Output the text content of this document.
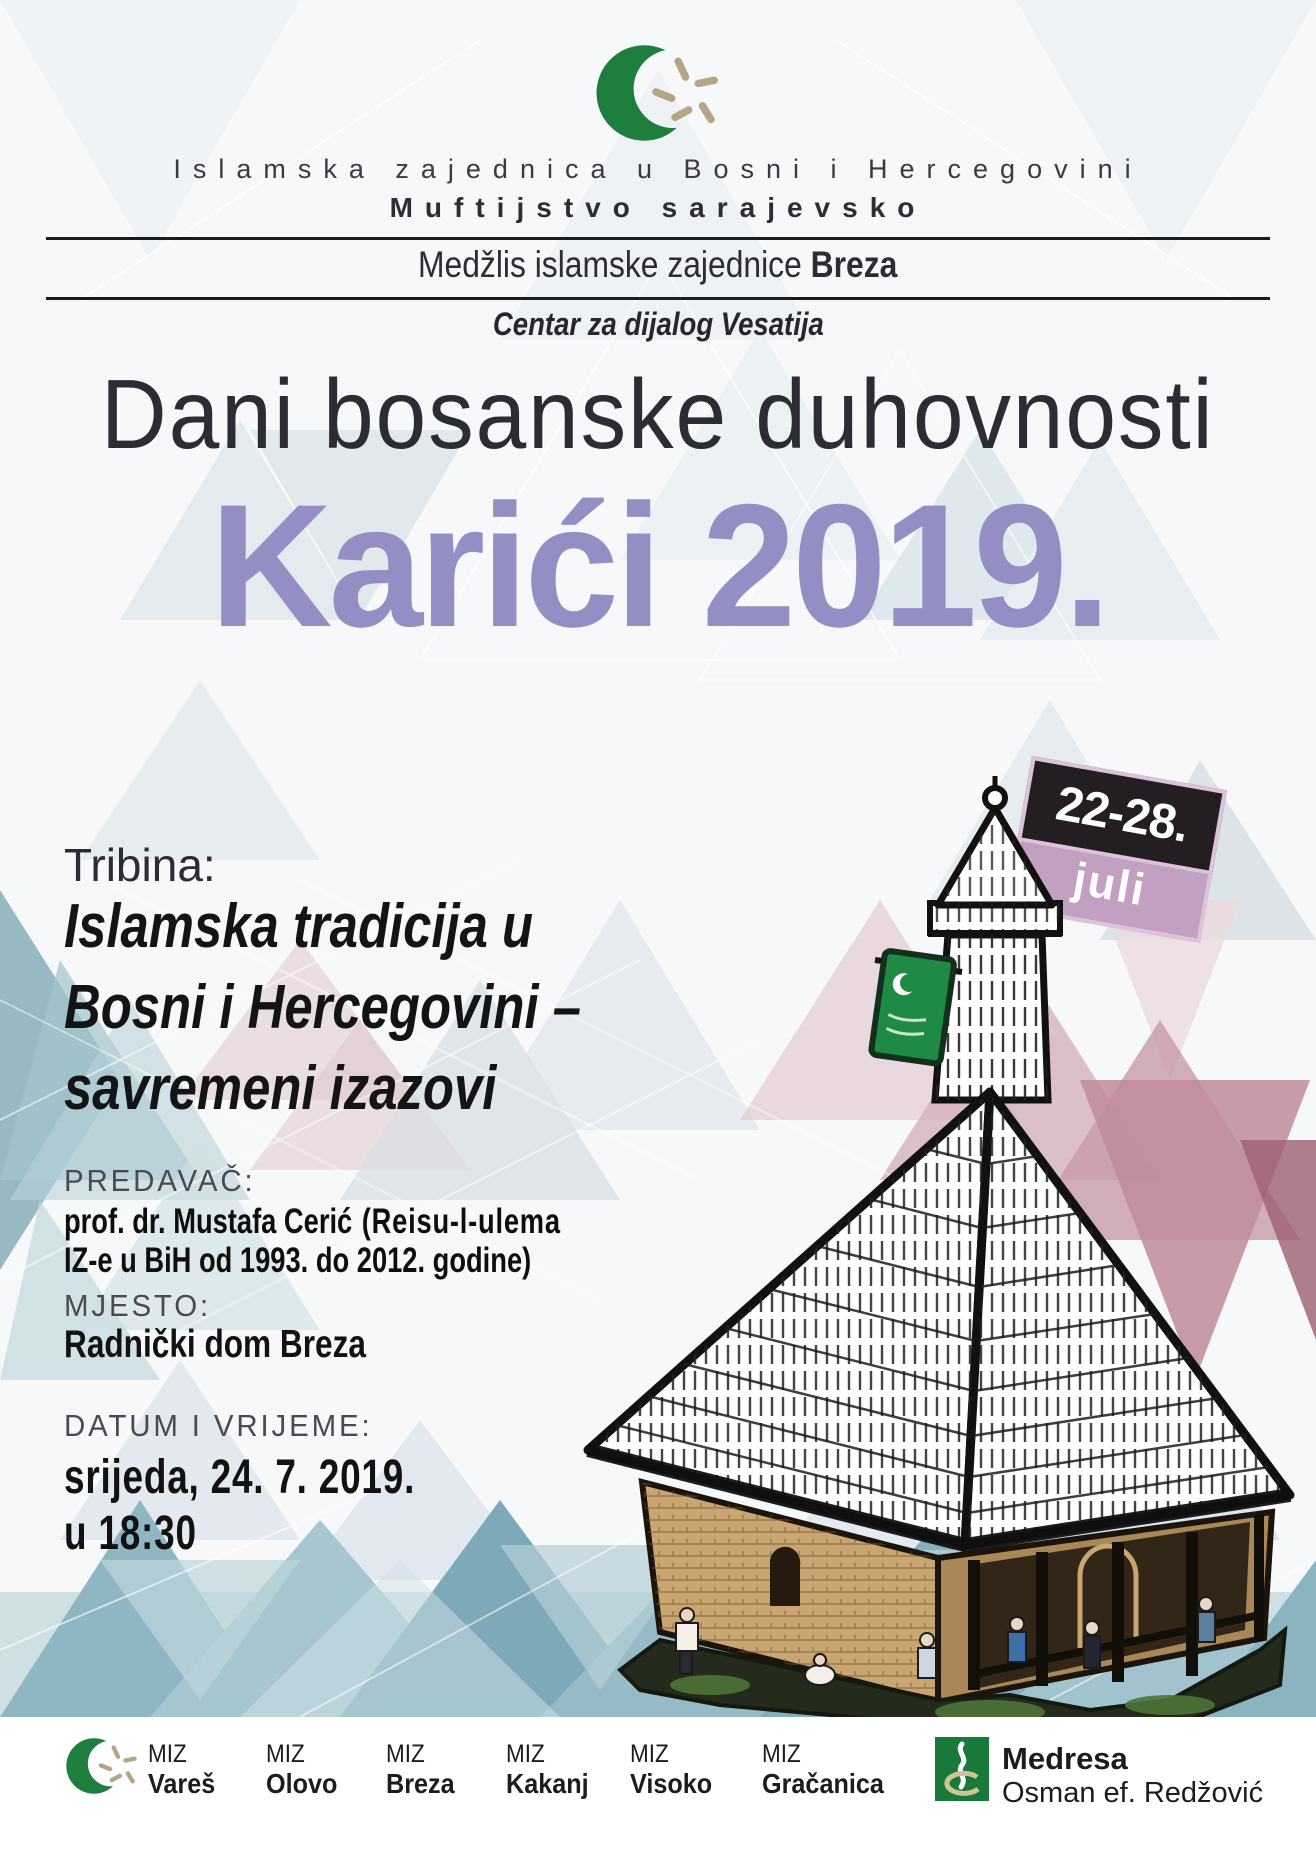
Islamska zajednica u Bosni i Hercegovini
Muftijstvo sarajevsko
Medžlis islamske zajednice Breza
Centar za dijalog Vesatija
Dani bosanske duhovnosti
Karići 2019.
22-28.
juli
Tribina:
Islamska tradicija u
Bosni i Hercegovini –
savremeni izazovi
PREDAVAČ:
prof. dr. Mustafa Cerić (Reisu-l-ulema
IZ-e u BiH od 1993. do 2012. godine)
MJESTO:
Radnički dom Breza
DATUM I VRIJEME:
srijeda, 24. 7. 2019.
u 18:30
MIZ
Vareš
MIZ
Olovo
MIZ
Breza
MIZ
Kakanj
MIZ
Visoko
MIZ
Gračanica
Medresa
Osman ef. Redžović
